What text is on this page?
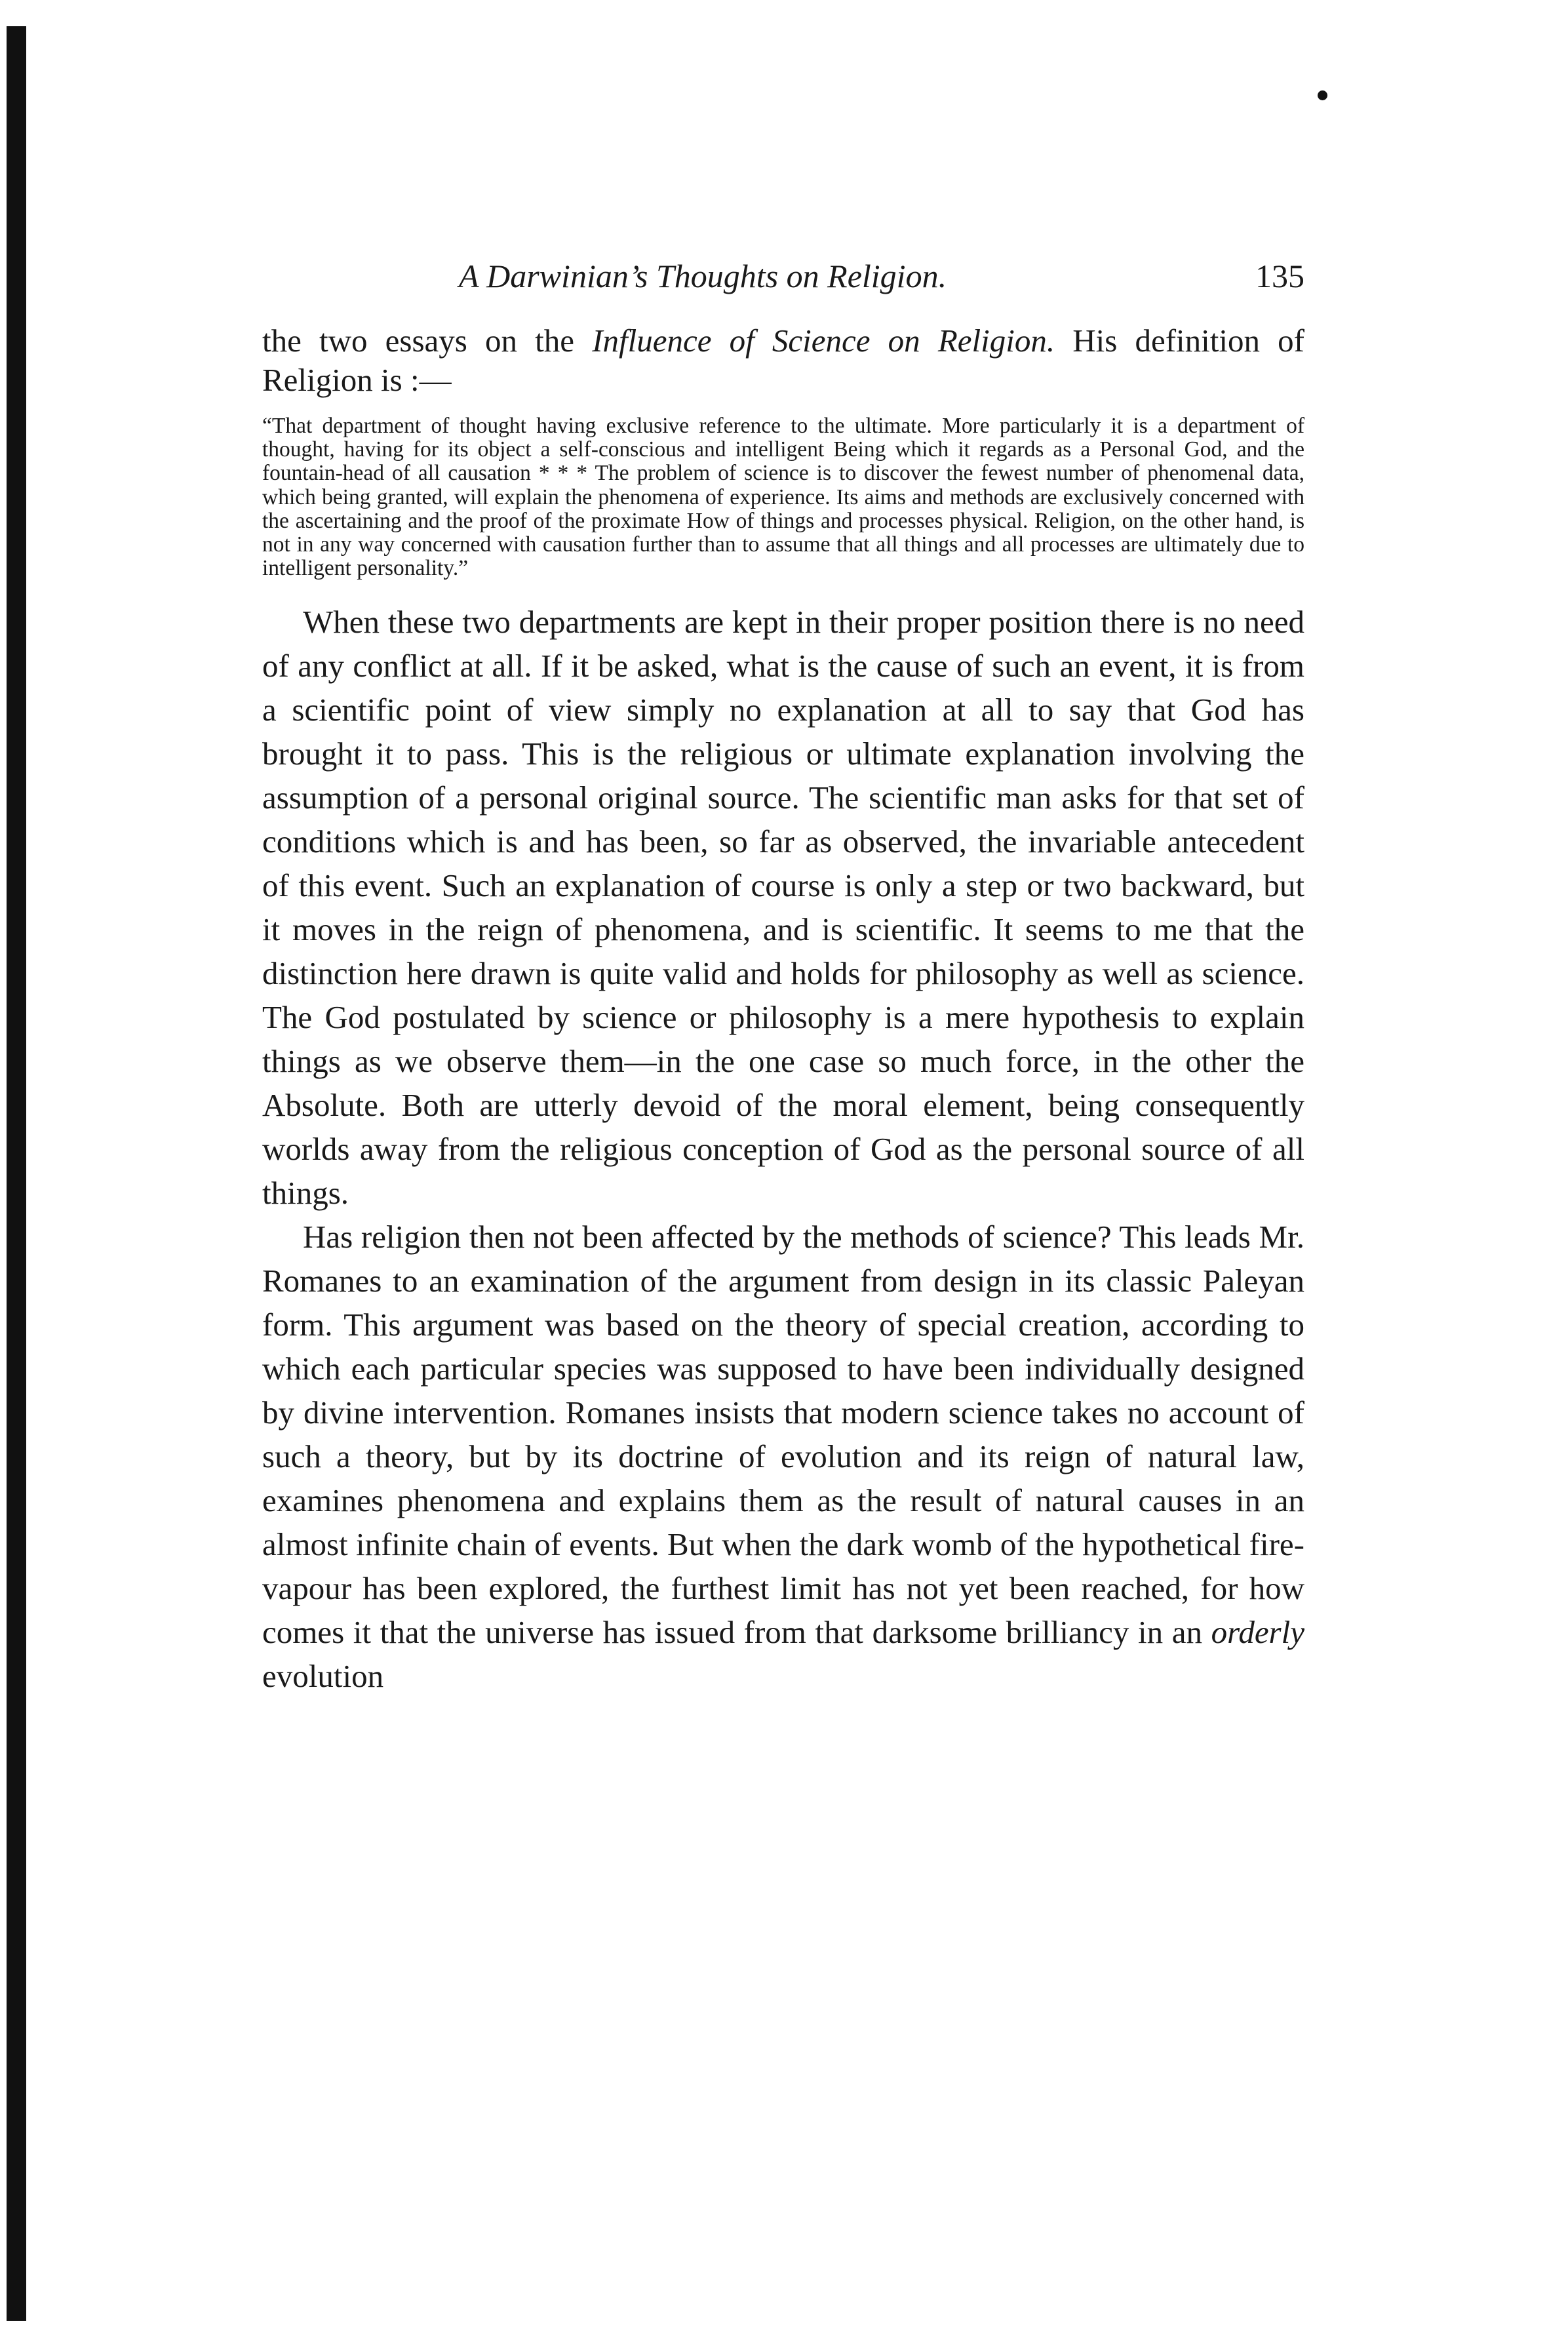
A Darwinian’s Thoughts on Religion.	135

the two essays on the Influence of Science on Religion. His definition of Religion is :—

“That department of thought having exclusive reference to the ultimate. More particularly it is a department of thought, having for its object a self-conscious and intelligent Being which it regards as a Personal God, and the fountain-head of all causation * * * The problem of science is to discover the fewest number of phenomenal data, which being granted, will explain the phenomena of experience. Its aims and methods are exclusively concerned with the ascertaining and the proof of the proximate How of things and processes physical. Religion, on the other hand, is not in any way concerned with causation further than to assume that all things and all processes are ultimately due to intelligent personality.”

When these two departments are kept in their proper position there is no need of any conflict at all. If it be asked, what is the cause of such an event, it is from a scientific point of view simply no explanation at all to say that God has brought it to pass. This is the religious or ultimate explanation involving the assumption of a personal original source. The scientific man asks for that set of conditions which is and has been, so far as observed, the invariable antecedent of this event. Such an explanation of course is only a step or two backward, but it moves in the reign of phenomena, and is scientific. It seems to me that the distinction here drawn is quite valid and holds for philosophy as well as science. The God postulated by science or philosophy is a mere hypothesis to explain things as we observe them—in the one case so much force, in the other the Absolute. Both are utterly devoid of the moral element, being consequently worlds away from the religious conception of God as the personal source of all things.

Has religion then not been affected by the methods of science? This leads Mr. Romanes to an examination of the argument from design in its classic Paleyan form. This argument was based on the theory of special creation, according to which each particular species was supposed to have been individually designed by divine intervention. Romanes insists that modern science takes no account of such a theory, but by its doctrine of evolution and its reign of natural law, examines phenomena and explains them as the result of natural causes in an almost infinite chain of events. But when the dark womb of the hypothetical fire-vapour has been explored, the furthest limit has not yet been reached, for how comes it that the universe has issued from that darksome brilliancy in an orderly evolution
